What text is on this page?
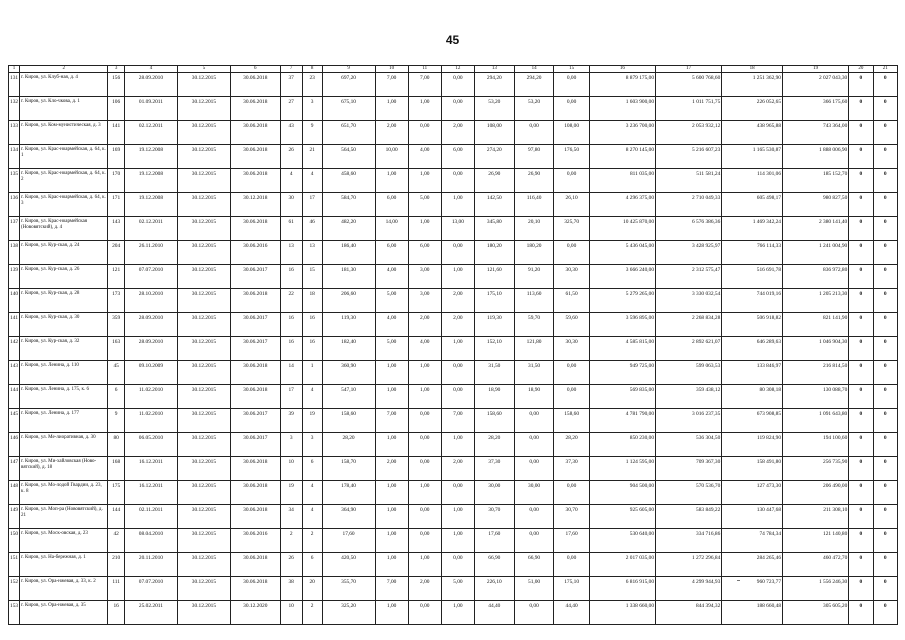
45
1	2	3	4	5	6	7	8	9	10	11	12	13	14	15	16	17	18	19	20	21
131	г. Киров, ул. Клуб-ная, д. 4	156	28.09.2010	30.12.2015	30.06.2018	37	23	697,20	7,00	7,00	0,00	294,20	294,20	0,00	8 879 175,00	5 600 768,60	1 251 362,90	2 027 043,30	0	0
132	г. Киров, ул. Кло-чкова, д. 1	106	01.09.2011	30.12.2015	30.06.2018	27	3	675,10	1,00	1,00	0,00	53,20	53,20	0,00	1 603 900,00	1 011 751,75	226 052,65	366 175,60	0	0
133	г. Киров, ул. Ком-мунистическая, д. 3	141	02.12.2011	30.12.2015	30.06.2018	43	9	651,70	2,00	0,00	2,00	108,00	0,00	108,00	3 236 700,00	2 053 932,12	438 965,88	743 364,00	0	0
134	г. Киров, ул. Крас-ноармейская, д. 64, к. 1	169	19.12.2008	30.12.2015	30.06.2018	26	21	564,50	10,00	4,00	6,00	274,20	97,80	176,50	8 270 145,00	5 216 607,23	1 165 530,87	1 888 006,90	0	0
135	г. Киров, ул. Крас-ноармейская, д. 64, к. 2	170	19.12.2008	30.12.2015	30.06.2018	4	4	458,60	1,00	1,00	0,00	26,90	26,90	0,00	811 035,00	511 581,24	114 301,06	185 152,70	0	0
136	г. Киров, ул. Крас-ноармейская, д. 64, к. 3	171	19.12.2008	30.12.2015	30.12.2018	30	17	584,70	6,00	5,00	1,00	142,50	116,40	26,10	4 296 375,00	2 710 049,33	605 498,17	980 827,50	0	0
137	г. Киров, ул. Крас-ноармейская (Нововятский), д. 4	143	02.12.2011	30.12.2015	30.06.2018	61	46	482,20	14,00	1,00	13,00	345,80	20,10	325,70	10 425 870,00	6 576 386,36	1 469 342,24	2 380 141,40	0	0
138	г. Киров, ул. Кур-ская, д. 24	204	26.11.2010	30.12.2015	30.06.2016	13	13	186,40	6,00	6,00	0,00	180,20	180,20	0,00	5 436 045,00	3 428 925,97	766 114,33	1 241 004,90	0	0
139	г. Киров, ул. Кур-ская, д. 26	121	07.07.2010	30.12.2015	30.06.2017	16	15	181,30	4,00	3,00	1,00	121,60	91,20	30,30	3 666 240,00	2 312 575,47	516 691,78	836 972,80	0	0
140	г. Киров, ул. Кур-ская, д. 28	173	28.10.2010	30.12.2015	30.06.2018	22	18	206,60	5,00	3,00	2,00	175,10	113,60	61,50	5 279 265,00	3 330 032,54	744 019,16	1 205 213,30	0	0
141	г. Киров, ул. Кур-ская, д. 30	359	28.09.2010	30.12.2015	30.06.2017	16	16	119,30	4,00	2,00	2,00	119,30	59,70	59,60	3 596 895,00	2 268 834,28	506 918,82	821 141,90	0	0
142	г. Киров, ул. Кур-ская, д. 32	163	28.09.2010	30.12.2015	30.06.2017	16	16	182,40	5,00	4,00	1,00	152,10	121,80	30,30	4 585 815,00	2 892 621,07	646 289,63	1 046 904,30	0	0
143	г. Киров, ул. Ленина, д. 110	45	09.10.2009	30.12.2015	30.06.2018	14	1	360,90	1,00	1,00	0,00	31,50	31,50	0,00	949 725,00	599 063,53	133 846,97	216 814,50	0	0
144	г. Киров, ул. Ленина, д. 175, к. 6	6	11.02.2010	30.12.2015	30.06.2018	17	4	547,10	1,00	1,00	0,00	18,90	18,90	0,00	569 835,00	359 438,12	80 308,18	130 088,70	0	0
145	г. Киров, ул. Ленина, д. 177	9	11.02.2010	30.12.2015	30.06.2017	39	19	158,60	7,00	0,00	7,00	158,60	0,00	158,60	4 781 790,00	3 016 237,35	673 908,85	1 091 643,80	0	0
146	г. Киров, ул. Ме-лиоративная, д. 30	80	06.05.2010	30.12.2015	30.06.2017	3	3	28,20	1,00	0,00	1,00	28,20	0,00	28,20	850 230,00	536 304,50	119 824,90	194 100,60	0	0
147	г. Киров, ул. Ми-хайловская (Ново-вятский), д. 18	168	16.12.2011	30.12.2015	30.06.2018	10	6	158,70	2,00	0,00	2,00	37,30	0,00	37,30	1 124 595,00	709 367,30	158 491,80	256 735,90	0	0
148	г. Киров, ул. Мо-лодой Гвардии, д. 23, к. 8	175	16.12.2011	30.12.2015	30.06.2018	19	4	178,40	1,00	1,00	0,00	30,00	30,00	0,00	904 500,00	570 536,70	127 473,30	206 490,00	0	0
149	г. Киров, ул. Моп-ра (Нововятский), д. 21	144	02.11.2011	30.12.2015	30.06.2018	34	4	364,90	1,00	0,00	1,00	30,70	0,00	30,70	925 605,00	583 849,22	130 447,68	211 308,10	0	0
150	г. Киров, ул. Моск-овская, д. 23	42	08.04.2010	30.12.2015	30.06.2016	2	2	17,60	1,00	0,00	1,00	17,60	0,00	17,60	530 640,00	334 716,86	74 784,34	121 140,80	0	0
151	г. Киров, ул. На-бережная, д. 1	210	20.11.2010	30.12.2015	30.06.2018	26	6	420,50	1,00	1,00	0,00	66,90	66,90	0,00	2 017 035,00	1 272 296,84	284 265,46	460 472,70	0	0
152	г. Киров, ул. Ора-нжевая, д. 33, к. 2	111	07.07.2010	30.12.2015	30.06.2018	38	20	355,70	7,00	2,00	5,00	226,10	51,00	175,10	6 816 915,00	4 299 944,93	960 723,77	1 556 246,30	0	0
153	г. Киров, ул. Ора-нжевая, д. 35	16	25.02.2011	30.12.2015	30.12.2020	10	2	325,20	1,00	0,00	1,00	44,40	0,00	44,40	1 338 660,00	844 394,32	188 660,48	305 605,20	0	0
